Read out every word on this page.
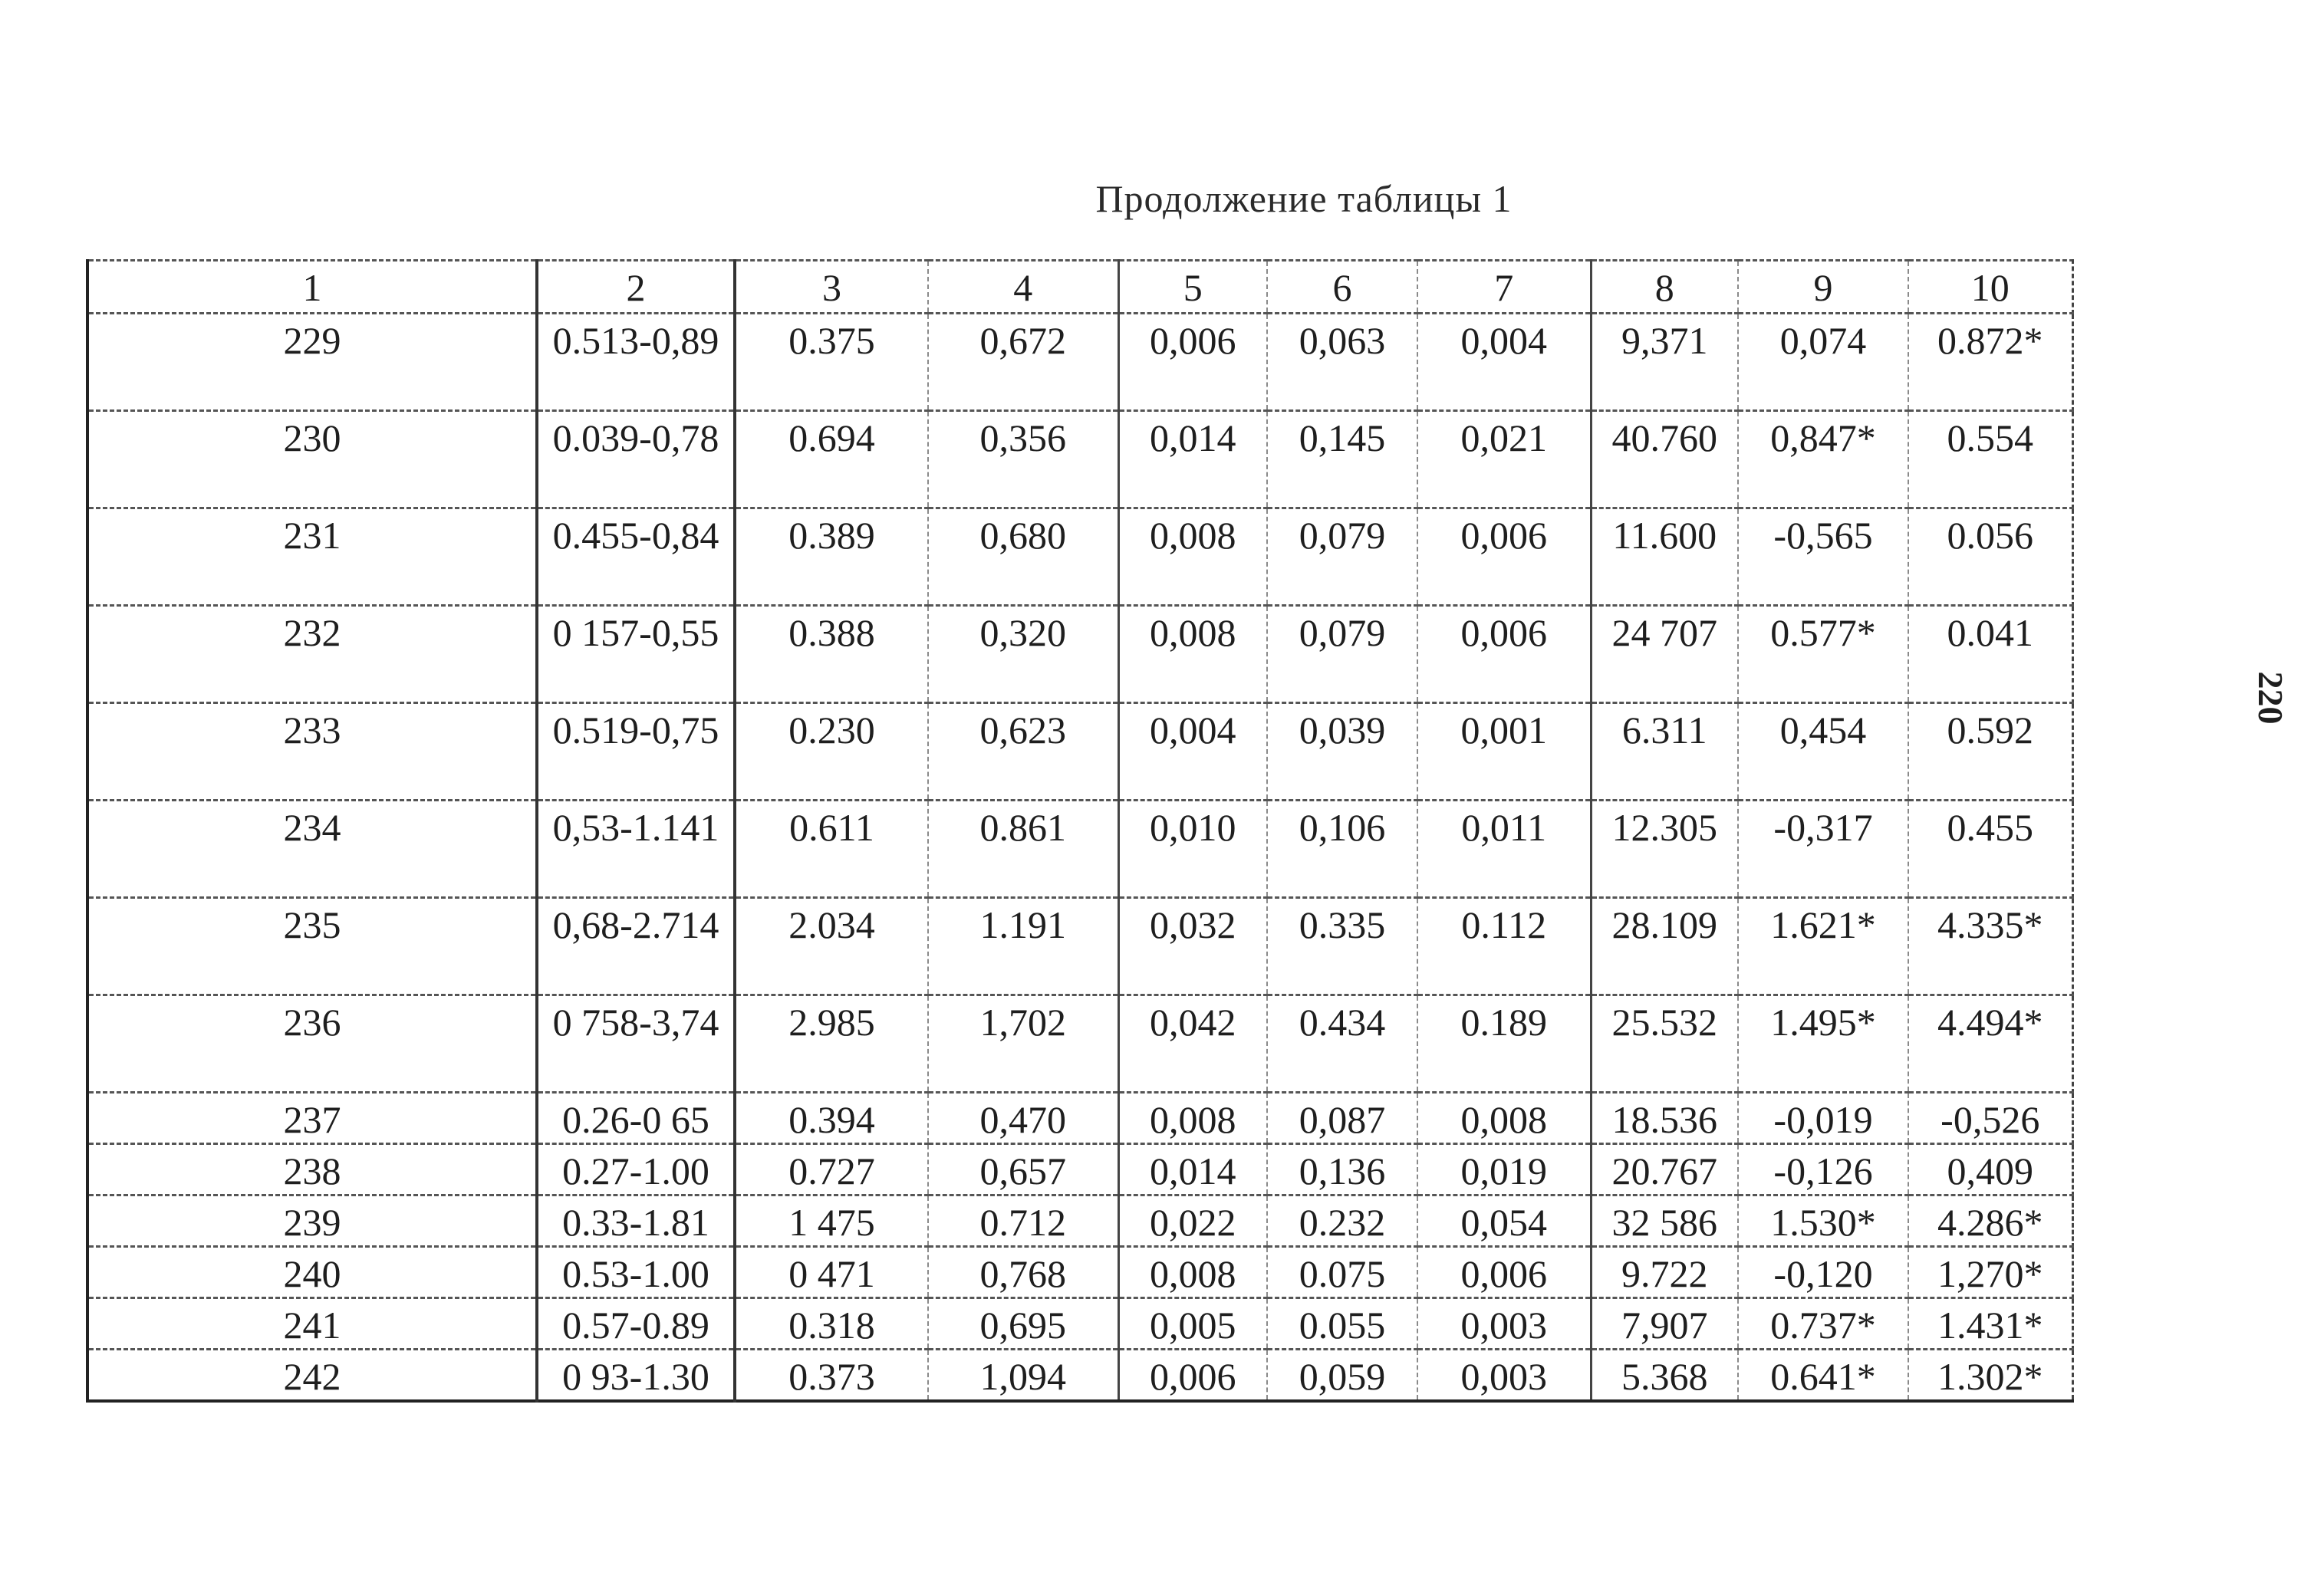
Продолжение таблицы 1
220
1	2	3	4	5	6	7	8	9	10
229	0.513-0,89	0.375	0,672	0,006	0,063	0,004	9,371	0,074	0.872*
230	0.039-0,78	0.694	0,356	0,014	0,145	0,021	40.760	0,847*	0.554
231	0.455-0,84	0.389	0,680	0,008	0,079	0,006	11.600	-0,565	0.056
232	0 157-0,55	0.388	0,320	0,008	0,079	0,006	24 707	0.577*	0.041
233	0.519-0,75	0.230	0,623	0,004	0,039	0,001	6.311	0,454	0.592
234	0,53-1.141	0.611	0.861	0,010	0,106	0,011	12.305	-0,317	0.455
235	0,68-2.714	2.034	1.191	0,032	0.335	0.112	28.109	1.621*	4.335*
236	0 758-3,74	2.985	1,702	0,042	0.434	0.189	25.532	1.495*	4.494*
237	0.26-0 65	0.394	0,470	0,008	0,087	0,008	18.536	-0,019	-0,526
238	0.27-1.00	0.727	0,657	0,014	0,136	0,019	20.767	-0,126	0,409
239	0.33-1.81	1 475	0.712	0,022	0.232	0,054	32 586	1.530*	4.286*
240	0.53-1.00	0 471	0,768	0,008	0.075	0,006	9.722	-0,120	1,270*
241	0.57-0.89	0.318	0,695	0,005	0.055	0,003	7,907	0.737*	1.431*
242	0 93-1.30	0.373	1,094	0,006	0,059	0,003	5.368	0.641*	1.302*
